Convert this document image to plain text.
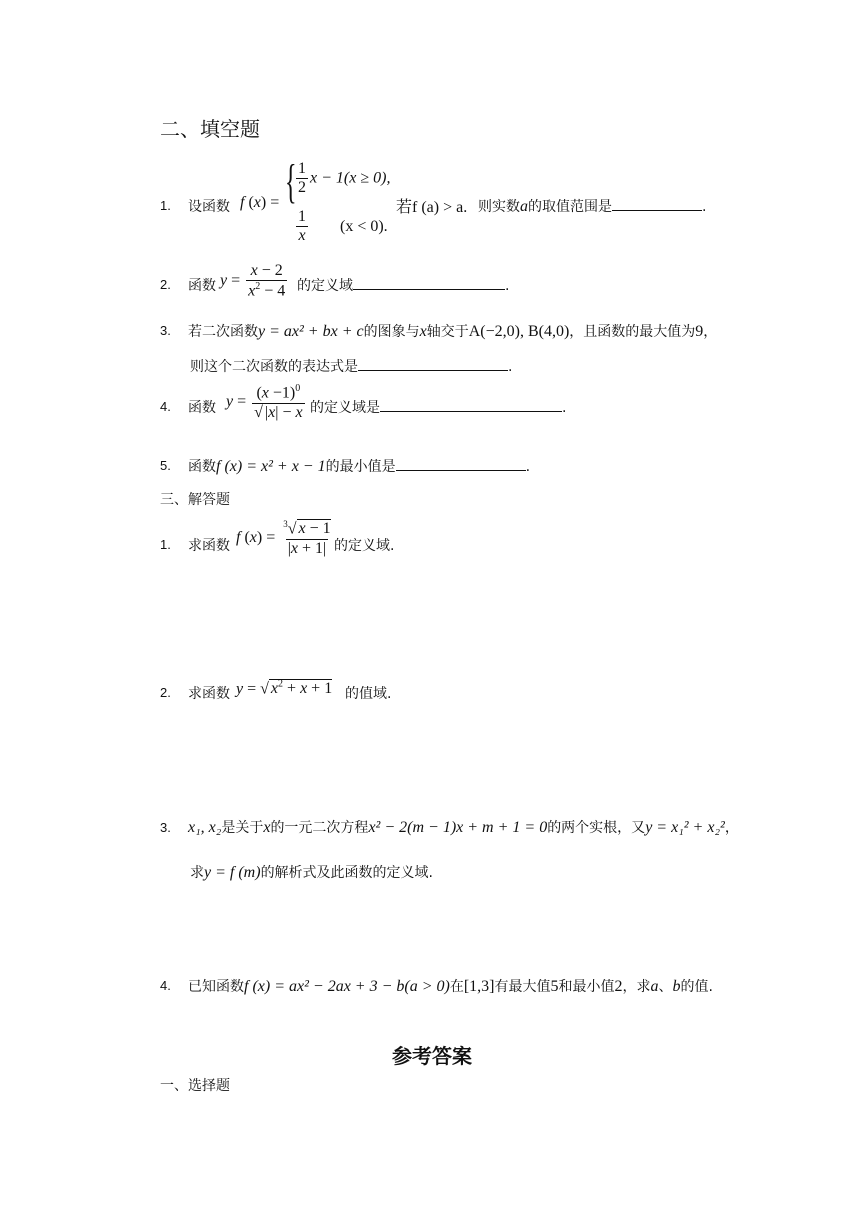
二、填空题
1. 设函数 f (x) = { $\frac{1}{2}$ x − 1(x ≥ 0),
$\frac{1}{x} (x < 0)$.
若f (a) > a. 则实数a的取值范围是	.
2. 函数 $y = \frac{x - 2}{x^2 - 4}$ 的定义域	.
3. 若二次函数y = ax² + bx + c的图象与x轴交于A(−2,0), B(4,0)，且函数的最大值为9，
则这个二次函数的表达式是	.
4. 函数 $y = \frac{(x -1)^0}{√ |x| - x}$ 的定义域是	.
5. 函数f (x) = x² + x − 1的最小值是	.
三、解答题
1. 求函数 f $(x) = \frac{^3√ x - 1}{|x + 1|}$ 的定义域.
2. 求函数 y = √ $x^2 + x + 1$ 的值域.
3. x₁, x₂是关于x的一元二次方程x² − 2(m − 1)x + m + 1 = 0的两个实根，又y = x₁² + x₂²，
求y = f (m)的解析式及此函数的定义域.
4. 已知函数f (x) = ax² − 2ax + 3 − b(a > 0)在[1,3]有最大值5和最小值2，求a、b的值.
参考答案
一、选择题
